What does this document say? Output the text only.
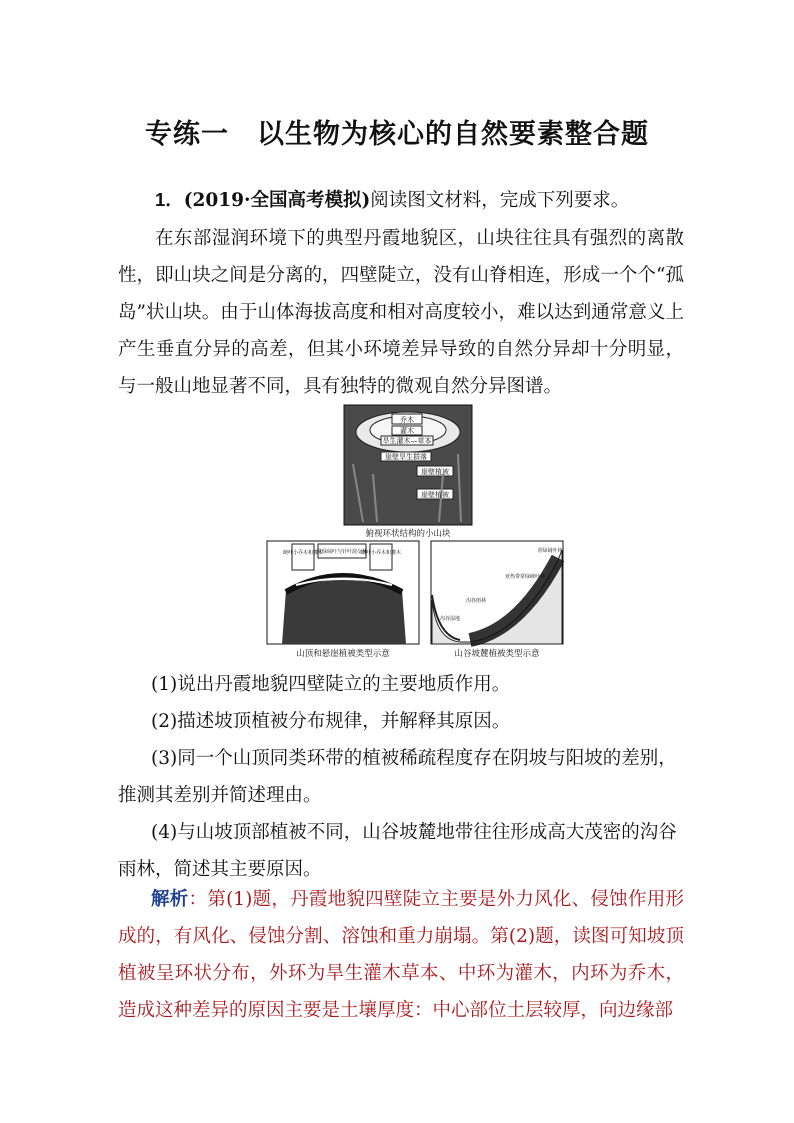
专练一　以生物为核心的自然要素整合题

1．(2019·全国高考模拟)阅读图文材料，完成下列要求。

在东部湿润环境下的典型丹霞地貌区，山块往往具有强烈的离散性，即山块之间是分离的，四壁陡立，没有山脊相连，形成一个个“孤岛”状山块。由于山体海拔高度和相对高度较小，难以达到通常意义上产生垂直分异的高差，但其小环境差异导致的自然分异却十分明显，与一般山地显著不同，具有独特的微观自然分异图谱。

乔木
灌木
旱生灌木—草本
崖壁旱生群落
崖壁植被
崖壁植被
俯视环状结构的小山块
硬叶小乔木和灌木
常绿阔叶与针叶混交林
硬叶小乔木和灌木
山顶和悬崖植被类型示意
常绿阔叶林
亚热带常绿硬叶林
沟谷雨林
沟谷湿地
山谷坡麓植被类型示意

(1)说出丹霞地貌四壁陡立的主要地质作用。

(2)描述坡顶植被分布规律，并解释其原因。

(3)同一个山顶同类环带的植被稀疏程度存在阴坡与阳坡的差别，推测其差别并简述理由。

(4)与山坡顶部植被不同，山谷坡麓地带往往形成高大茂密的沟谷雨林，简述其主要原因。

解析：第(1)题，丹霞地貌四壁陡立主要是外力风化、侵蚀作用形成的，有风化、侵蚀分割、溶蚀和重力崩塌。第(2)题，读图可知坡顶植被呈环状分布，外环为旱生灌木草本、中环为灌木，内环为乔木，造成这种差异的原因主要是土壤厚度：中心部位土层较厚，向边缘部
